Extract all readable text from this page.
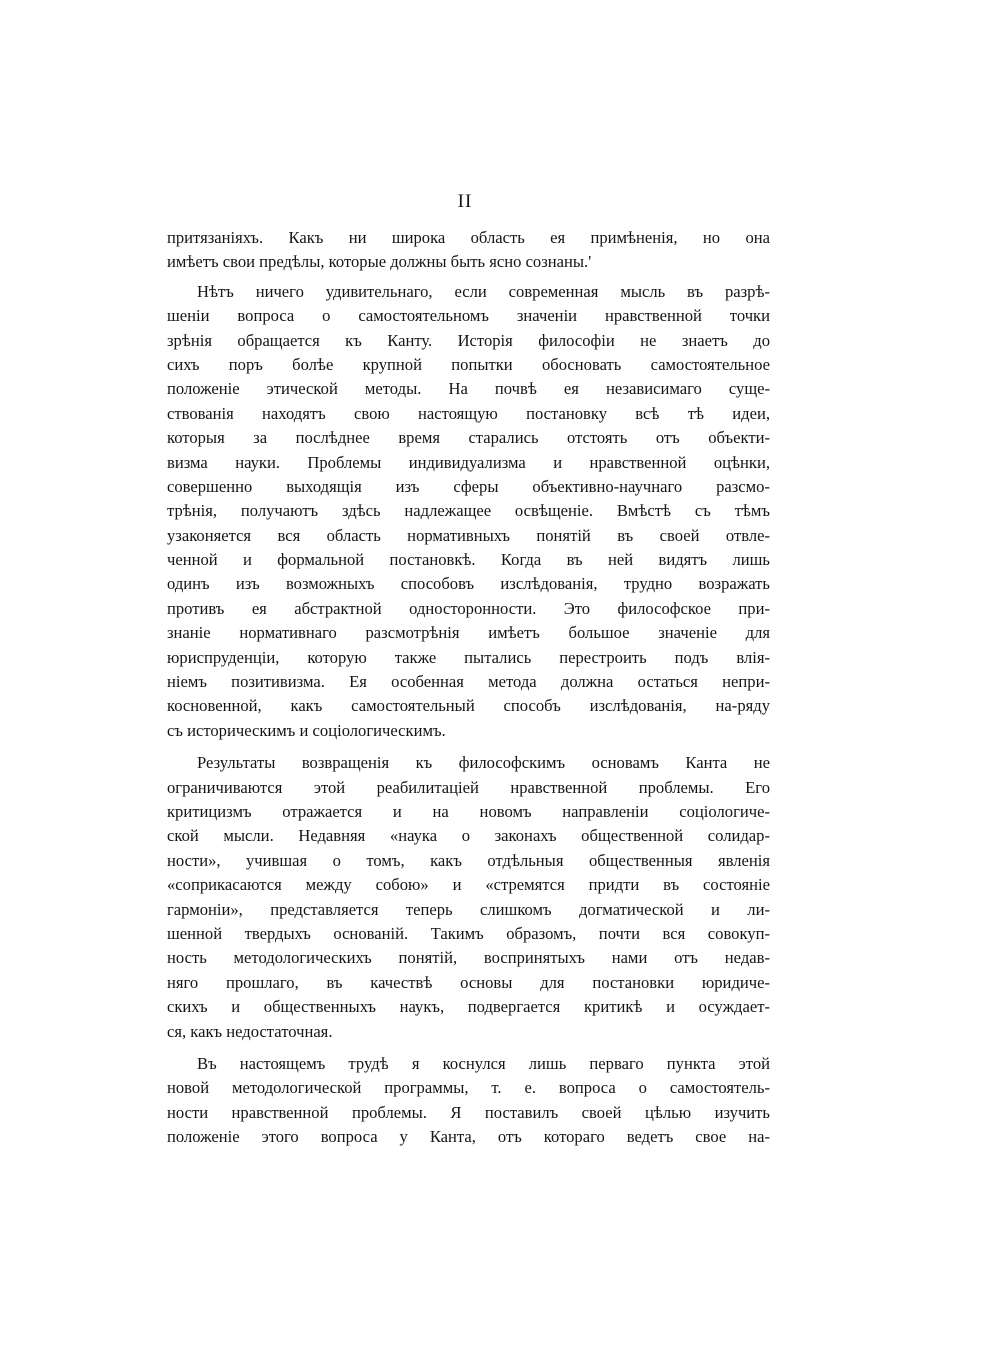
II
притязаніяхъ. Какъ ни широка область ея примѣненія, но она
имѣетъ свои предѣлы, которые должны быть ясно сознаны.'
Нѣтъ ничего удивительнаго, если современная мысль въ разрѣ-
шеніи вопроса о самостоятельномъ значеніи нравственной точки
зрѣнія обращается къ Канту. Исторія философіи не знаетъ до
сихъ поръ болѣе крупной попытки обосновать самостоятельное
положеніе этической методы. На почвѣ ея независимаго суще-
ствованія находятъ свою настоящую постановку всѣ тѣ идеи,
которыя за послѣднее время старались отстоять отъ объекти-
визма науки. Проблемы индивидуализма и нравственной оцѣнки,
совершенно выходящія изъ сферы объективно-научнаго разсмо-
трѣнія, получаютъ здѣсь надлежащее освѣщеніе. Вмѣстѣ съ тѣмъ
узаконяется вся область нормативныхъ понятій въ своей отвле-
ченной и формальной постановкѣ. Когда въ ней видятъ лишь
одинъ изъ возможныхъ способовъ изслѣдованія, трудно возражать
противъ ея абстрактной односторонности. Это философское при-
знаніе нормативнаго разсмотрѣнія имѣетъ большое значеніе для
юриспруденціи, которую также пытались перестроить подъ влія-
ніемъ позитивизма. Ея особенная метода должна остаться непри-
косновенной, какъ самостоятельный способъ изслѣдованія, на-ряду
съ историческимъ и соціологическимъ.
Результаты возвращенія къ философскимъ основамъ Канта не
ограничиваются этой реабилитаціей нравственной проблемы. Его
критицизмъ отражается и на новомъ направленіи соціологиче-
ской мысли. Недавняя «наука о законахъ общественной солидар-
ности», учившая о томъ, какъ отдѣльныя общественныя явленія
«соприкасаются между собою» и «стремятся придти въ состояніе
гармоніи», представляется теперь слишкомъ догматической и ли-
шенной твердыхъ основаній. Такимъ образомъ, почти вся совокуп-
ность методологическихъ понятій, воспринятыхъ нами отъ недав-
няго прошлаго, въ качествѣ основы для постановки юридиче-
скихъ и общественныхъ наукъ, подвергается критикѣ и осуждает-
ся, какъ недостаточная.
Въ настоящемъ трудѣ я коснулся лишь перваго пункта этой
новой методологической программы, т. е. вопроса о самостоятель-
ности нравственной проблемы. Я поставилъ своей цѣлью изучить
положеніе этого вопроса у Канта, отъ котораго ведетъ свое на-
